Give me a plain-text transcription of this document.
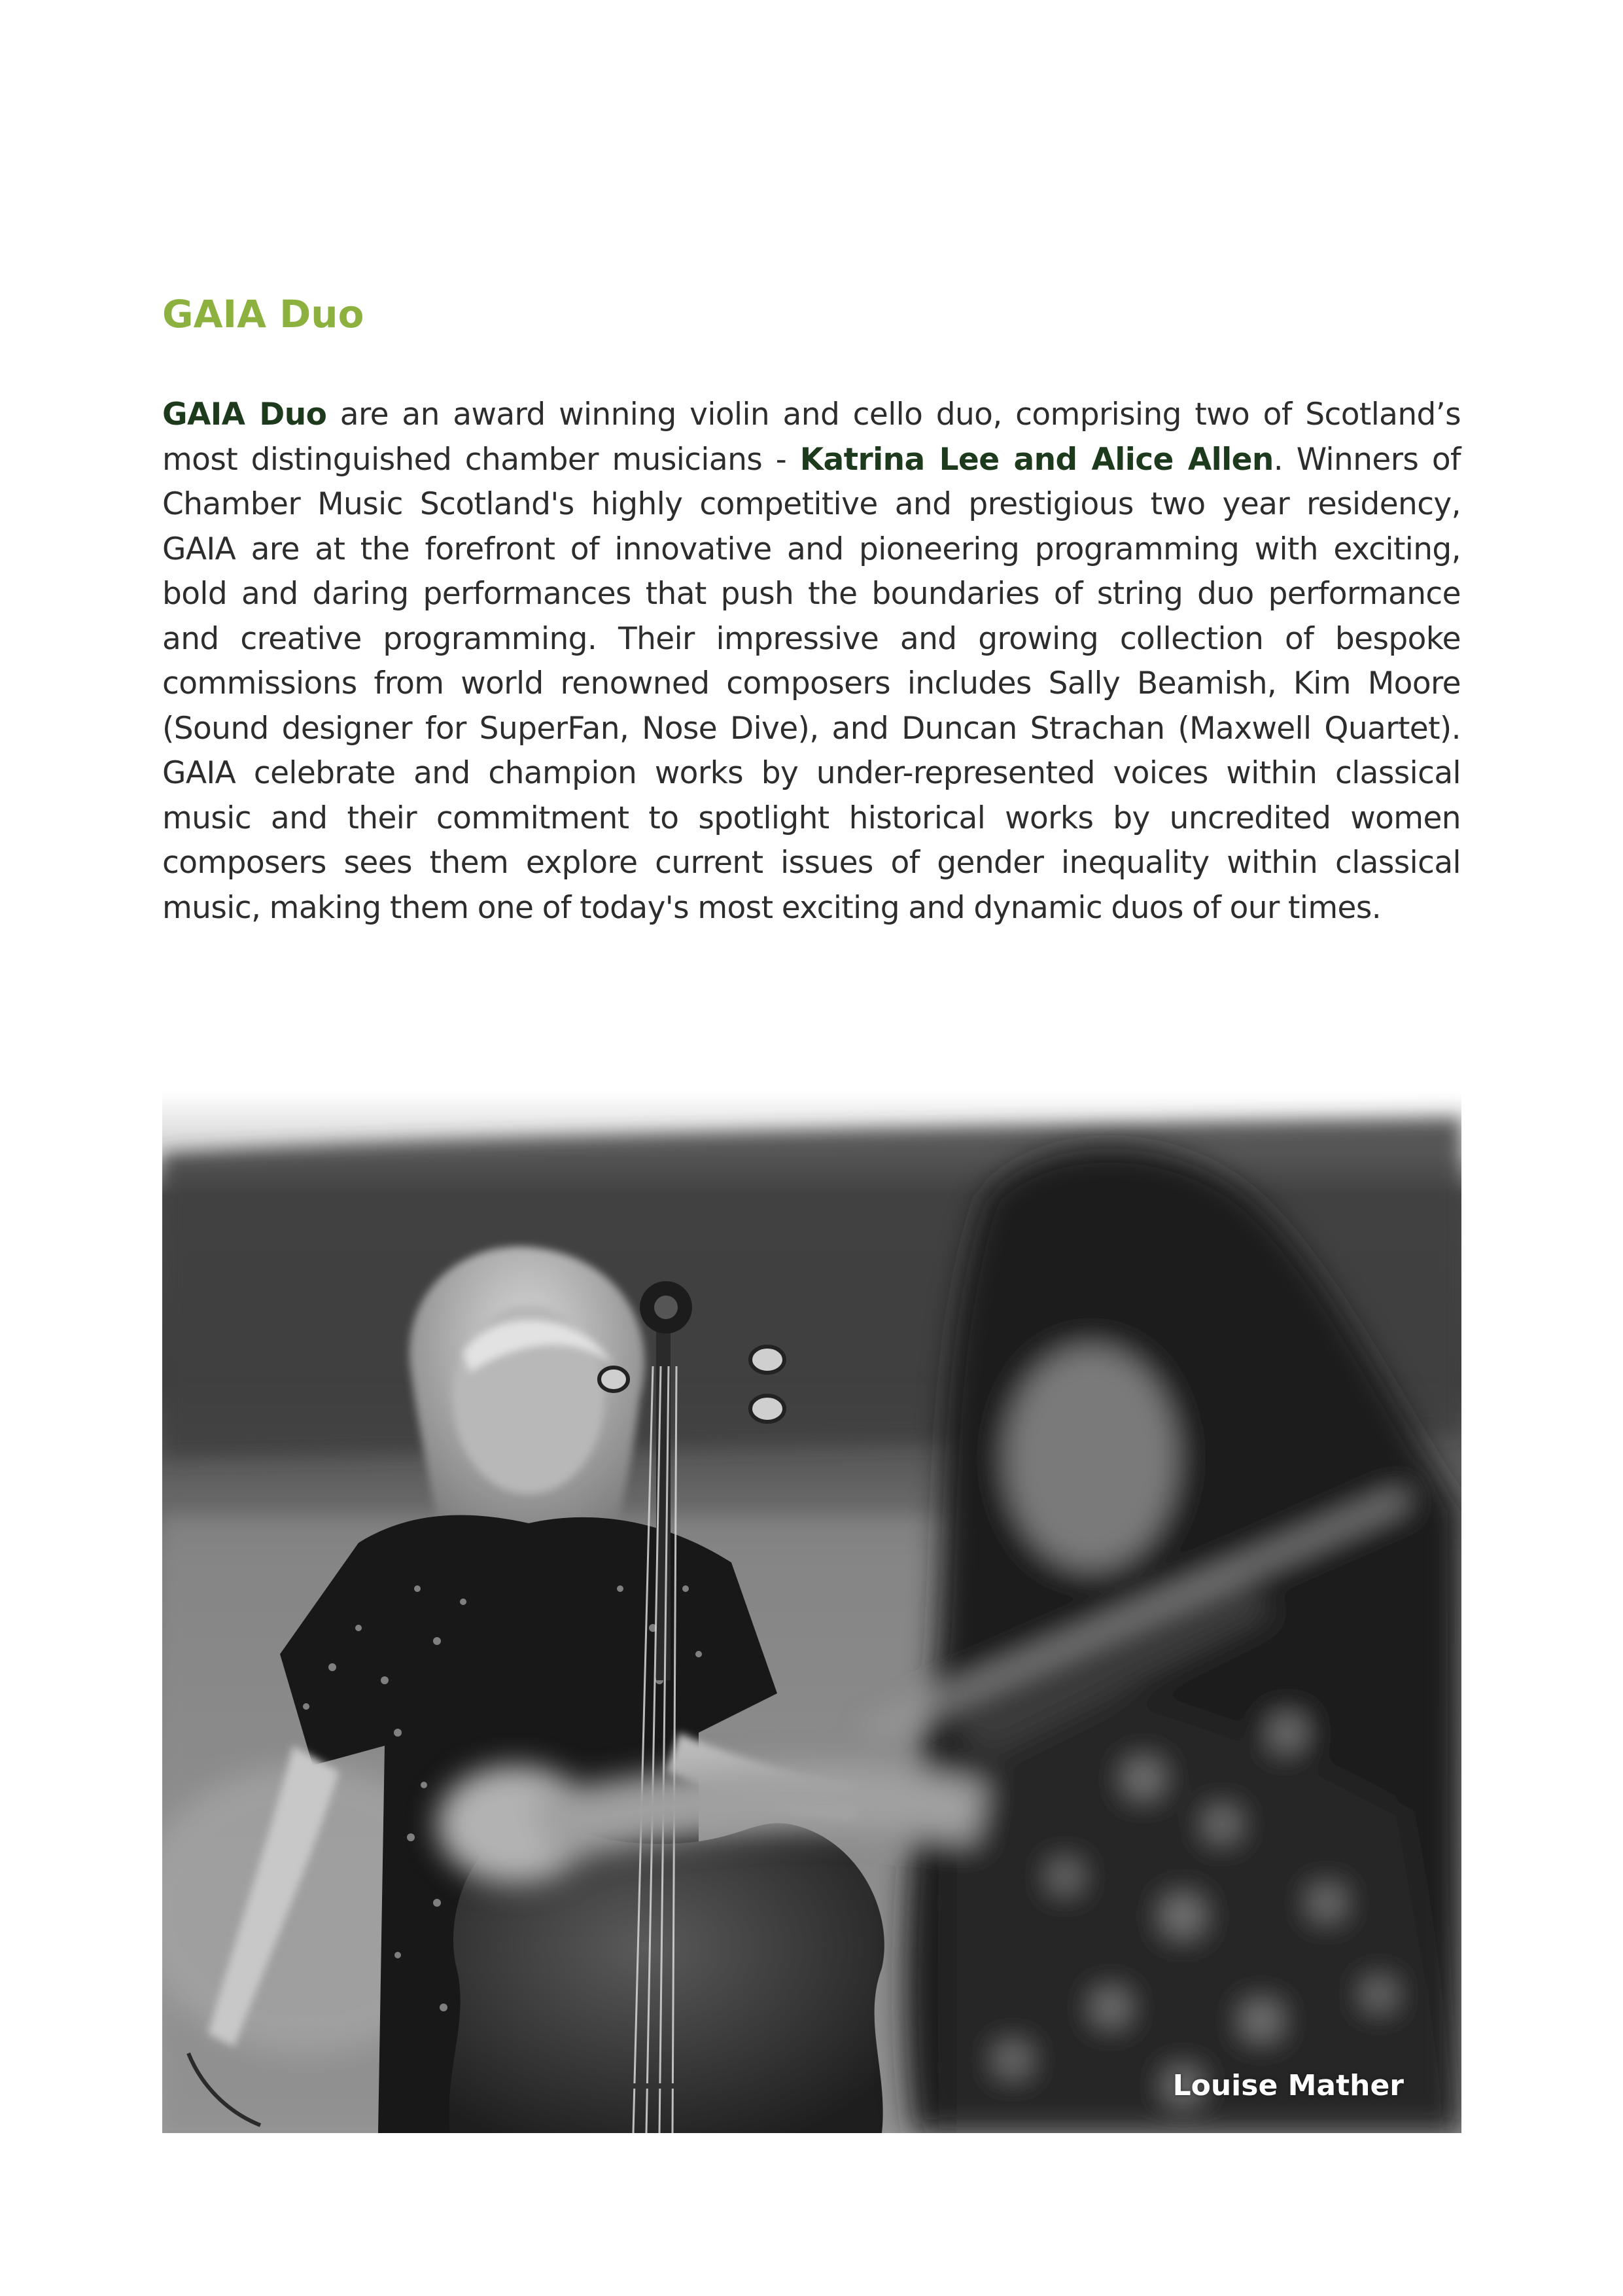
GAIA Duo

GAIA Duo are an award winning violin and cello duo, comprising two of Scotland’s most distinguished chamber musicians - Katrina Lee and Alice Allen. Winners of Chamber Music Scotland's highly competitive and prestigious two year residency, GAIA are at the forefront of innovative and pioneering programming with exciting, bold and daring performances that push the boundaries of string duo performance and creative programming. Their impressive and growing collection of bespoke commissions from world renowned composers includes Sally Beamish, Kim Moore (Sound designer for SuperFan, Nose Dive), and Duncan Strachan (Maxwell Quartet). GAIA celebrate and champion works by under-represented voices within classical music and their commitment to spotlight historical works by uncredited women composers sees them explore current issues of gender inequality within classical music, making them one of today's most exciting and dynamic duos of our times.

Louise Mather
